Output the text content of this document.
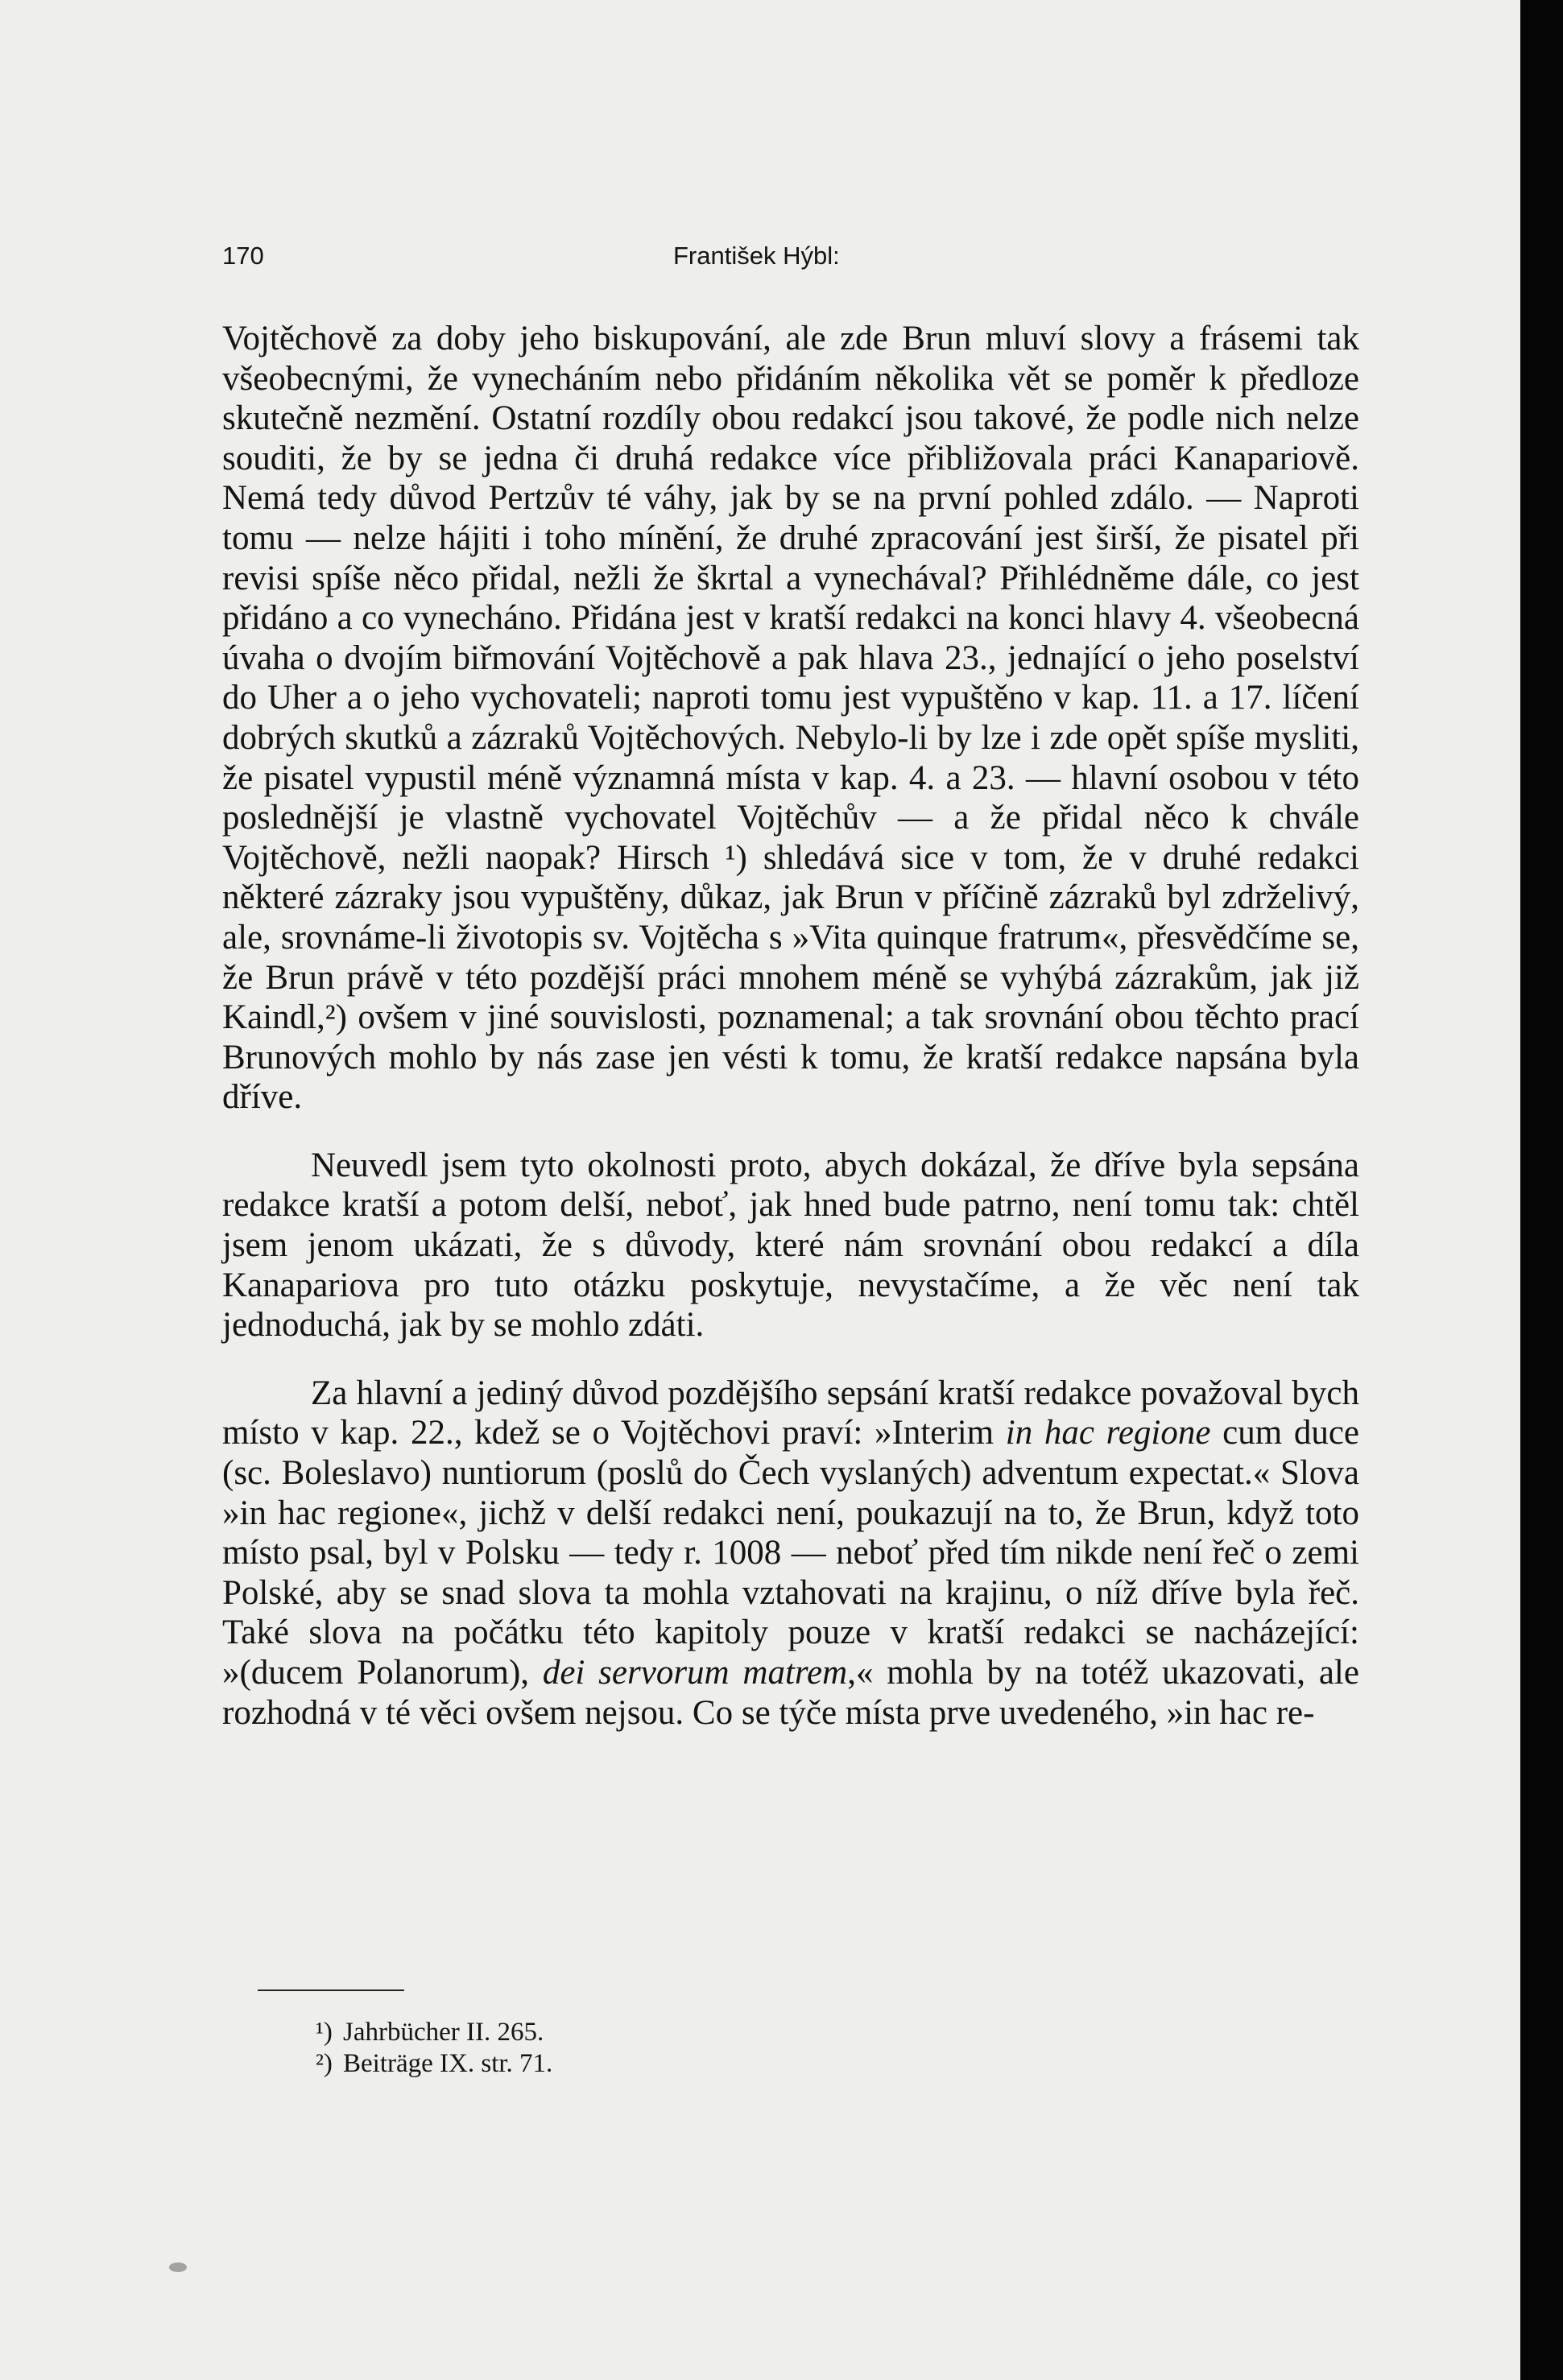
170	František Hýbl:

Vojtěchově za doby jeho biskupování, ale zde Brun mluví slovy a frásemi tak všeobecnými, že vynecháním nebo přidáním několika vět se poměr k předloze skutečně nezmění. Ostatní rozdíly obou redakcí jsou takové, že podle nich nelze souditi, že by se jedna či druhá redakce více přibližovala práci Kanapariově. Nemá tedy důvod Pertzův té váhy, jak by se na první pohled zdálo. — Naproti tomu — nelze hájiti i toho mínění, že druhé zpracování jest širší, že pisatel při revisi spíše něco přidal, nežli že škrtal a vynechával? Přihlédněme dále, co jest přidáno a co vynecháno. Přidána jest v kratší redakci na konci hlavy 4. všeobecná úvaha o dvojím biřmování Vojtěchově a pak hlava 23., jednající o jeho poselství do Uher a o jeho vychovateli; naproti tomu jest vypuštěno v kap. 11. a 17. líčení dobrých skutků a zázraků Vojtěchových. Nebylo-li by lze i zde opět spíše mysliti, že pisatel vypustil méně významná místa v kap. 4. a 23. — hlavní osobou v této poslednější je vlastně vychovatel Vojtěchův — a že přidal něco k chvále Vojtěchově, nežli naopak? Hirsch ¹) shledává sice v tom, že v druhé redakci některé zázraky jsou vypuštěny, důkaz, jak Brun v příčině zázraků byl zdrželivý, ale, srovnáme-li životopis sv. Vojtěcha s »Vita quinque fratrum«, přesvědčíme se, že Brun právě v této pozdější práci mnohem méně se vyhýbá zázrakům, jak již Kaindl,²) ovšem v jiné souvislosti, poznamenal; a tak srovnání obou těchto prací Brunových mohlo by nás zase jen vésti k tomu, že kratší redakce napsána byla dříve.

Neuvedl jsem tyto okolnosti proto, abych dokázal, že dříve byla sepsána redakce kratší a potom delší, neboť, jak hned bude patrno, není tomu tak: chtěl jsem jenom ukázati, že s důvody, které nám srovnání obou redakcí a díla Kanapariova pro tuto otázku poskytuje, nevystačíme, a že věc není tak jednoduchá, jak by se mohlo zdáti.

Za hlavní a jediný důvod pozdějšího sepsání kratší redakce považoval bych místo v kap. 22., kdež se o Vojtěchovi praví: »Interim in hac regione cum duce (sc. Boleslavo) nuntiorum (poslů do Čech vyslaných) adventum expectat.« Slova »in hac regione«, jichž v delší redakci není, poukazují na to, že Brun, když toto místo psal, byl v Polsku — tedy r. 1008 — neboť před tím nikde není řeč o zemi Polské, aby se snad slova ta mohla vztahovati na krajinu, o níž dříve byla řeč. Také slova na počátku této kapitoly pouze v kratší redakci se nacházející: »(ducem Polanorum), dei servorum matrem,« mohla by na totéž ukazovati, ale rozhodná v té věci ovšem nejsou. Co se týče místa prve uvedeného, »in hac re-

¹) Jahrbücher II. 265.
²) Beiträge IX. str. 71.
